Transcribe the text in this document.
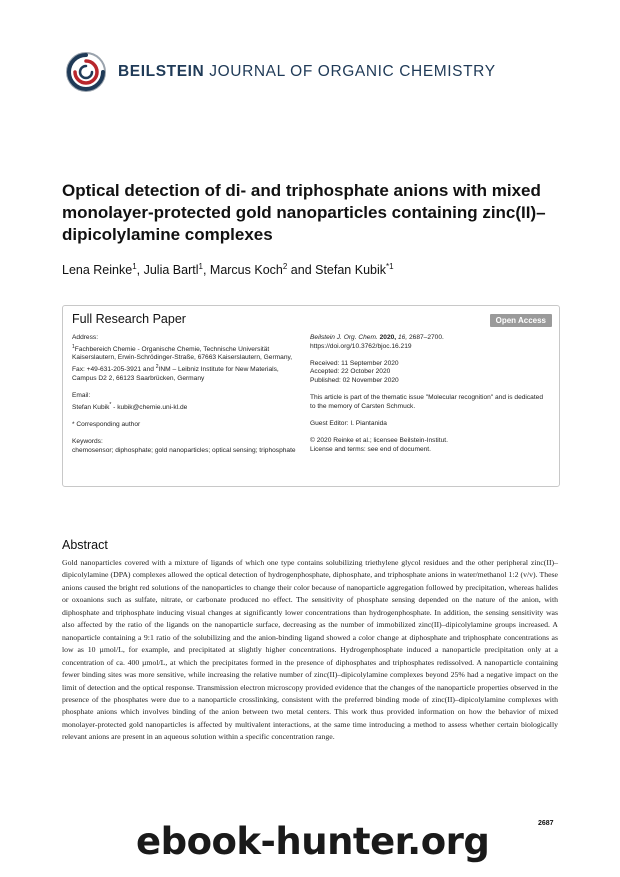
BEILSTEIN JOURNAL OF ORGANIC CHEMISTRY
Optical detection of di- and triphosphate anions with mixed monolayer-protected gold nanoparticles containing zinc(II)–dipicolylamine complexes
Lena Reinke$^1$, Julia Bartl$^1$, Marcus Koch$^2$ and Stefan Kubik$^{*1}$
Full Research Paper	Open Access

Address:
$^1$Fachbereich Chemie - Organische Chemie, Technische Universität Kaiserslautern, Erwin-Schrödinger-Straße, 67663 Kaiserslautern, Germany, Fax: +49-631-205-3921 and $^2$INM – Leibniz Institute for New Materials, Campus D2 2, 66123 Saarbrücken, Germany

Email:
Stefan Kubik* - kubik@chemie.uni-kl.de

* Corresponding author

Keywords:
chemosensor; diphosphate; gold nanoparticles; optical sensing; triphosphate

Beilstein J. Org. Chem. 2020, 16, 2687–2700.
https://doi.org/10.3762/bjoc.16.219

Received: 11 September 2020
Accepted: 22 October 2020
Published: 02 November 2020

This article is part of the thematic issue "Molecular recognition" and is dedicated to the memory of Carsten Schmuck.

Guest Editor: I. Piantanida

© 2020 Reinke et al.; licensee Beilstein-Institut.
License and terms: see end of document.

Abstract

Gold nanoparticles covered with a mixture of ligands of which one type contains solubilizing triethylene glycol residues and the other peripheral zinc(II)–dipicolylamine (DPA) complexes allowed the optical detection of hydrogenphosphate, diphosphate, and triphosphate anions in water/methanol 1:2 (v/v). These anions caused the bright red solutions of the nanoparticles to change their color because of nanoparticle aggregation followed by precipitation, whereas halides or oxoanions such as sulfate, nitrate, or carbonate produced no effect. The sensitivity of phosphate sensing depended on the nature of the anion, with diphosphate and triphosphate inducing visual changes at significantly lower concentrations than hydrogenphosphate. In addition, the sensing sensitivity was also affected by the ratio of the ligands on the nanoparticle surface, decreasing as the number of immobilized zinc(II)–dipicolylamine groups increased. A nanoparticle containing a 9:1 ratio of the solubilizing and the anion-binding ligand showed a color change at diphosphate and triphosphate concentrations as low as 10 µmol/L, for example, and precipitated at slightly higher concentrations. Hydrogenphosphate induced a nanoparticle precipitation only at a concentration of ca. 400 µmol/L, at which the precipitates formed in the presence of diphosphates and triphosphates redissolved. A nanoparticle containing fewer binding sites was more sensitive, while increasing the relative number of zinc(II)–dipicolylamine complexes beyond 25% had a negative impact on the limit of detection and the optical response. Transmission electron microscopy provided evidence that the changes of the nanoparticle properties observed in the presence of the phosphates were due to a nanoparticle crosslinking, consistent with the preferred binding mode of zinc(II)–dipicolylamine complexes with phosphate anions which involves binding of the anion between two metal centers. This work thus provided information on how the behavior of mixed monolayer-protected gold nanoparticles is affected by multivalent interactions, at the same time introducing a method to assess whether certain biologically relevant anions are present in an aqueous solution within a specific concentration range.

2687
ebook-hunter.org
